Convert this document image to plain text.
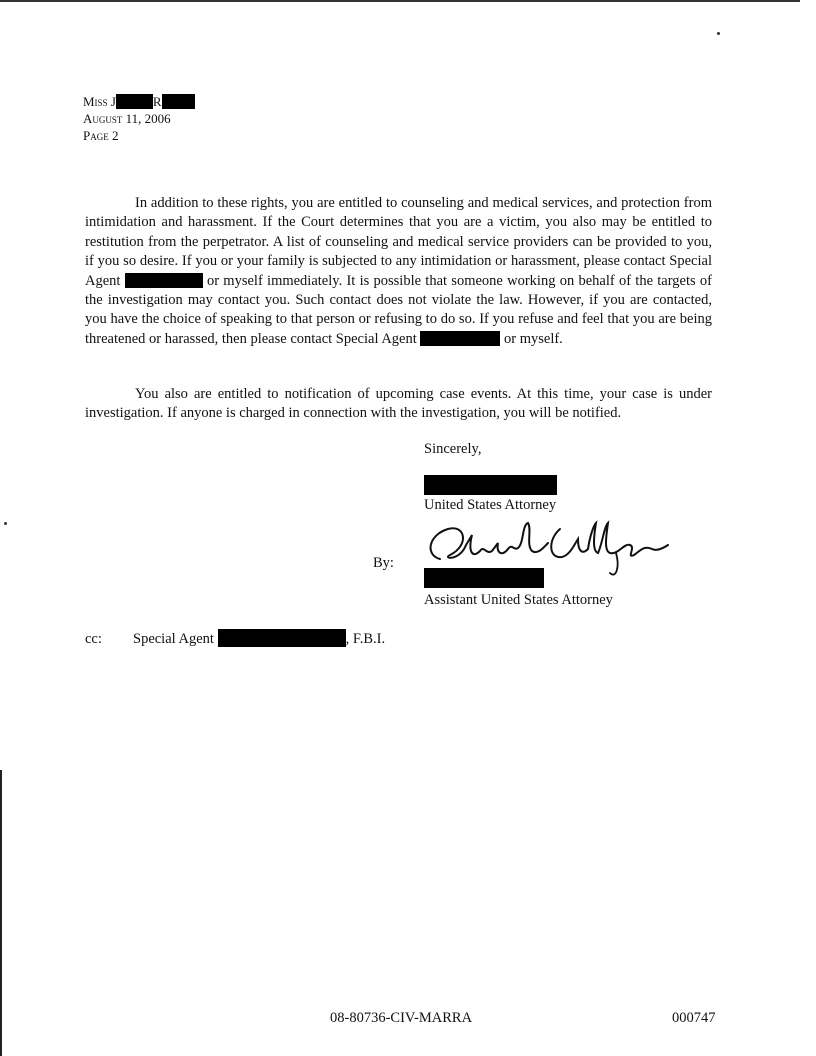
Miss J	R
August 11, 2006
Page 2

In addition to these rights, you are entitled to counseling and medical services, and protection from intimidation and harassment. If the Court determines that you are a victim, you also may be entitled to restitution from the perpetrator. A list of counseling and medical service providers can be provided to you, if you so desire. If you or your family is subjected to any intimidation or harassment, please contact Special Agent	or myself immediately. It is possible that someone working on behalf of the targets of the investigation may contact you. Such contact does not violate the law. However, if you are contacted, you have the choice of speaking to that person or refusing to do so. If you refuse and feel that you are being threatened or harassed, then please contact Special Agent	or myself.

You also are entitled to notification of upcoming case events. At this time, your case is under investigation. If anyone is charged in connection with the investigation, you will be notified.

Sincerely,
United States Attorney
By:
Assistant United States Attorney
cc: Special Agent	, F.B.I.
08-80736-CIV-MARRA	000747
